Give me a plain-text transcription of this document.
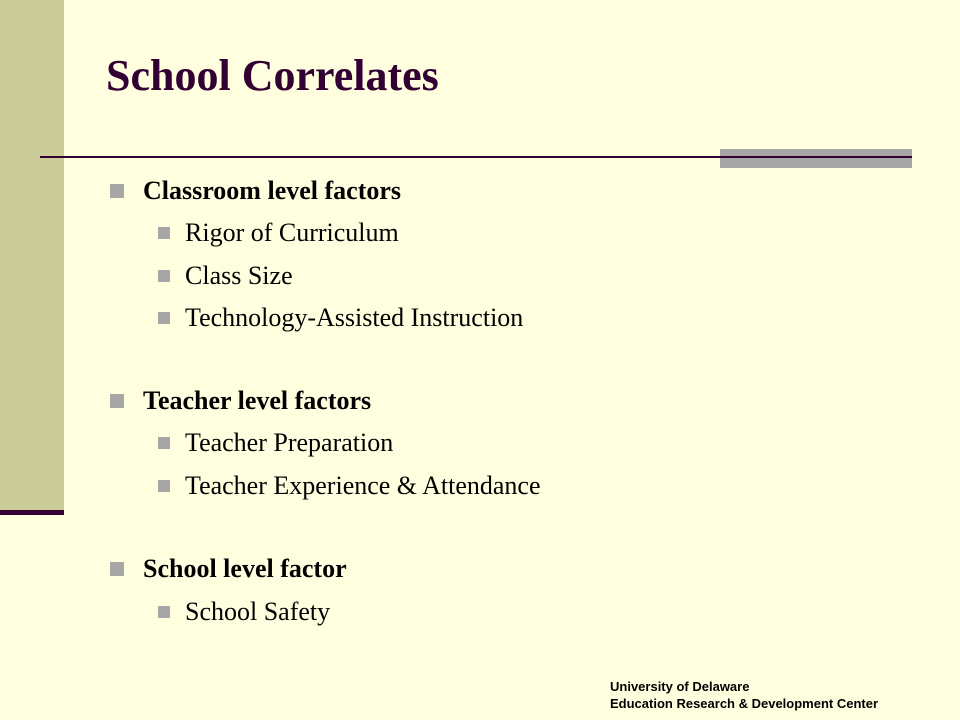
School Correlates
Classroom level factors
Rigor of Curriculum
Class Size
Technology-Assisted Instruction
Teacher level factors
Teacher Preparation
Teacher Experience & Attendance
School level factor
School Safety
University of Delaware
Education Research & Development Center
